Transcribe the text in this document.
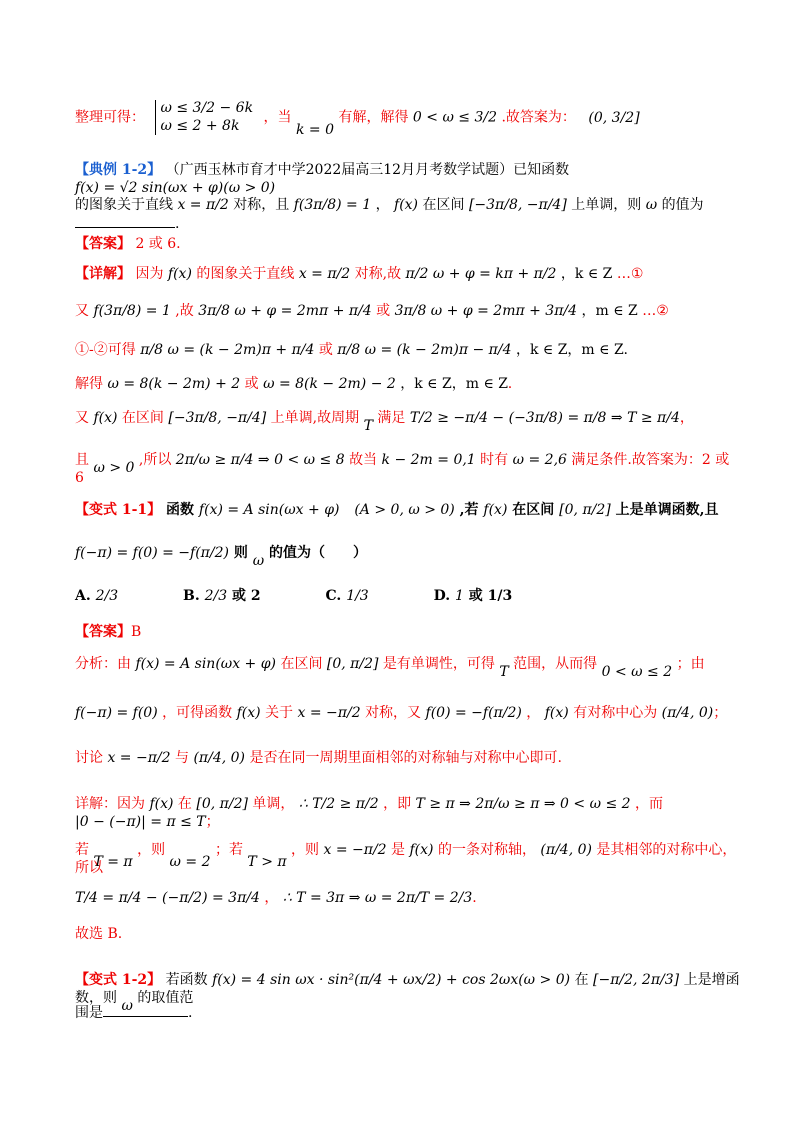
整理可得：
ω ≤ 3/2 − 6k
ω ≤ 2 + 8k	，当 k = 0 有解，解得 0 < ω ≤ 3/2 .故答案为： (0, 3/2]
【典例 1-2】 （广西玉林市育才中学2022届高三12月月考数学试题）已知函数 f(x) = √2 sin(ωx + φ)(ω > 0)
的图象关于直线 x = π/2 对称，且 f(3π/8) = 1 ， f(x) 在区间 [−3π/8, −π/4] 上单调，则 ω 的值为 .
【答案】 2 或 6.
【详解】 因为 f(x) 的图象关于直线 x = π/2 对称,故 π/2 ω + φ = kπ + π/2 ，k ∈ Z …①
又 f(3π/8) = 1 ,故 3π/8 ω + φ = 2mπ + π/4 或 3π/8 ω + φ = 2mπ + 3π/4 ，m ∈ Z …②
①-②可得 π/8 ω = (k − 2m)π + π/4 或 π/8 ω = (k − 2m)π − π/4 ，k ∈ Z，m ∈ Z.
解得 ω = 8(k − 2m) + 2 或 ω = 8(k − 2m) − 2 ，k ∈ Z，m ∈ Z.
又 f(x) 在区间 [−3π/8, −π/4] 上单调,故周期 T 满足 T/2 ≥ −π/4 − (−3π/8) = π/8 ⇒ T ≥ π/4，
且 ω > 0 ,所以 2π/ω ≥ π/4 ⇒ 0 < ω ≤ 8 故当 k − 2m = 0,1 时有 ω = 2,6 满足条件.故答案为：2 或 6
【变式 1-1】 函数 f(x) = A sin(ωx + φ) (A > 0, ω > 0) ,若 f(x) 在区间 [0, π/2] 上是单调函数,且
f(−π) = f(0) = −f(π/2) 则 ω 的值为（　　）
A. 2/3	B. 2/3 或 2	C. 1/3	D. 1 或 1/3
【答案】B
分析：由 f(x) = A sin(ωx + φ) 在区间 [0, π/2] 是有单调性，可得 T 范围，从而得 0 < ω ≤ 2 ；由
f(−π) = f(0) ，可得函数 f(x) 关于 x = −π/2 对称，又 f(0) = −f(π/2) ， f(x) 有对称中心为 (π/4, 0)；
讨论 x = −π/2 与 (π/4, 0) 是否在同一周期里面相邻的对称轴与对称中心即可.
详解：因为 f(x) 在 [0, π/2] 单调， ∴ T/2 ≥ π/2 ，即 T ≥ π ⇒ 2π/ω ≥ π ⇒ 0 < ω ≤ 2 ，而 |0 − (−π)| = π ≤ T；
若 T = π ，则 ω = 2 ；若 T > π ，则 x = −π/2 是 f(x) 的一条对称轴， (π/4, 0) 是其相邻的对称中心，所以
T/4 = π/4 − (−π/2) = 3π/4 ， ∴ T = 3π ⇒ ω = 2π/T = 2/3.
故选 B.
【变式 1-2】 若函数 f(x) = 4 sin ωx · sin²(π/4 + ωx/2) + cos 2ωx(ω > 0) 在 [−π/2, 2π/3] 上是增函数，则 ω 的取值范
围是	.
